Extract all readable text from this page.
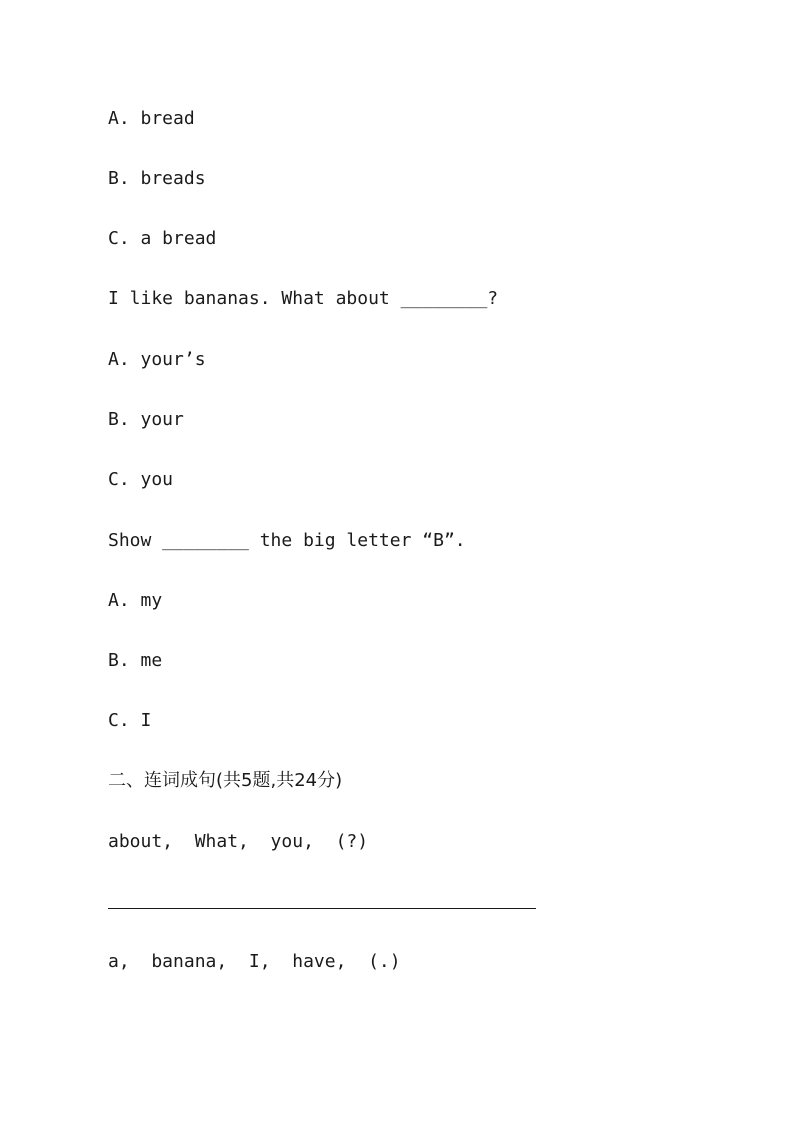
A. bread
B. breads
C. a bread
I like bananas. What about ________?
A. your’s
B. your
C. you
Show ________ the big letter “B”.
A. my
B. me
C. I
二、连词成句(共5题,共24分)
about,  What,  you,  (?)
a,  banana,  I,  have,  (.)
